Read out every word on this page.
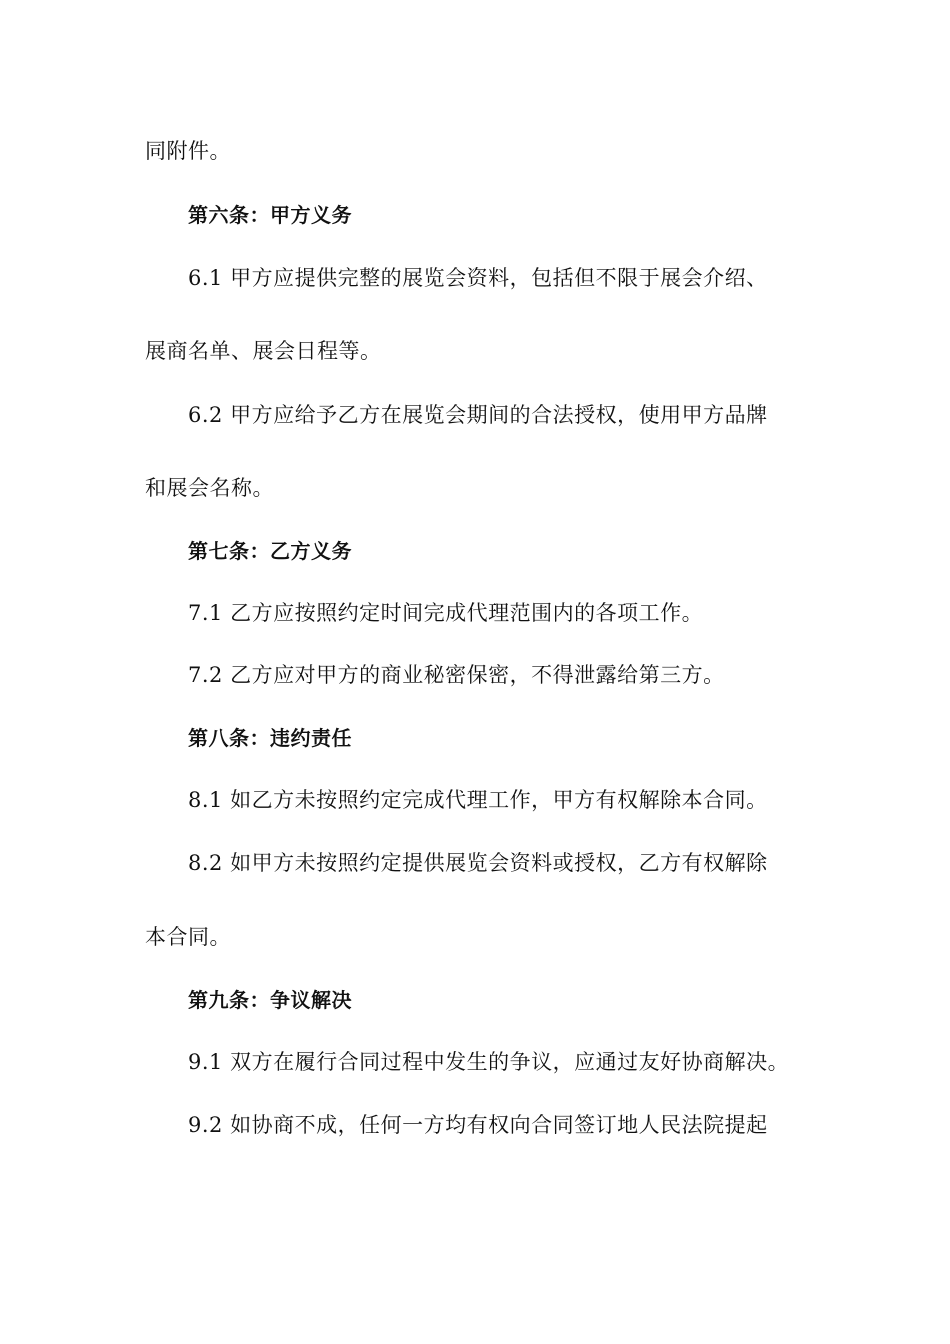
同附件。
第六条：甲方义务
6.1 甲方应提供完整的展览会资料，包括但不限于展会介绍、
展商名单、展会日程等。
6.2 甲方应给予乙方在展览会期间的合法授权，使用甲方品牌
和展会名称。
第七条：乙方义务
7.1 乙方应按照约定时间完成代理范围内的各项工作。
7.2 乙方应对甲方的商业秘密保密，不得泄露给第三方。
第八条：违约责任
8.1 如乙方未按照约定完成代理工作，甲方有权解除本合同。
8.2 如甲方未按照约定提供展览会资料或授权，乙方有权解除
本合同。
第九条：争议解决
9.1 双方在履行合同过程中发生的争议，应通过友好协商解决。
9.2 如协商不成，任何一方均有权向合同签订地人民法院提起
